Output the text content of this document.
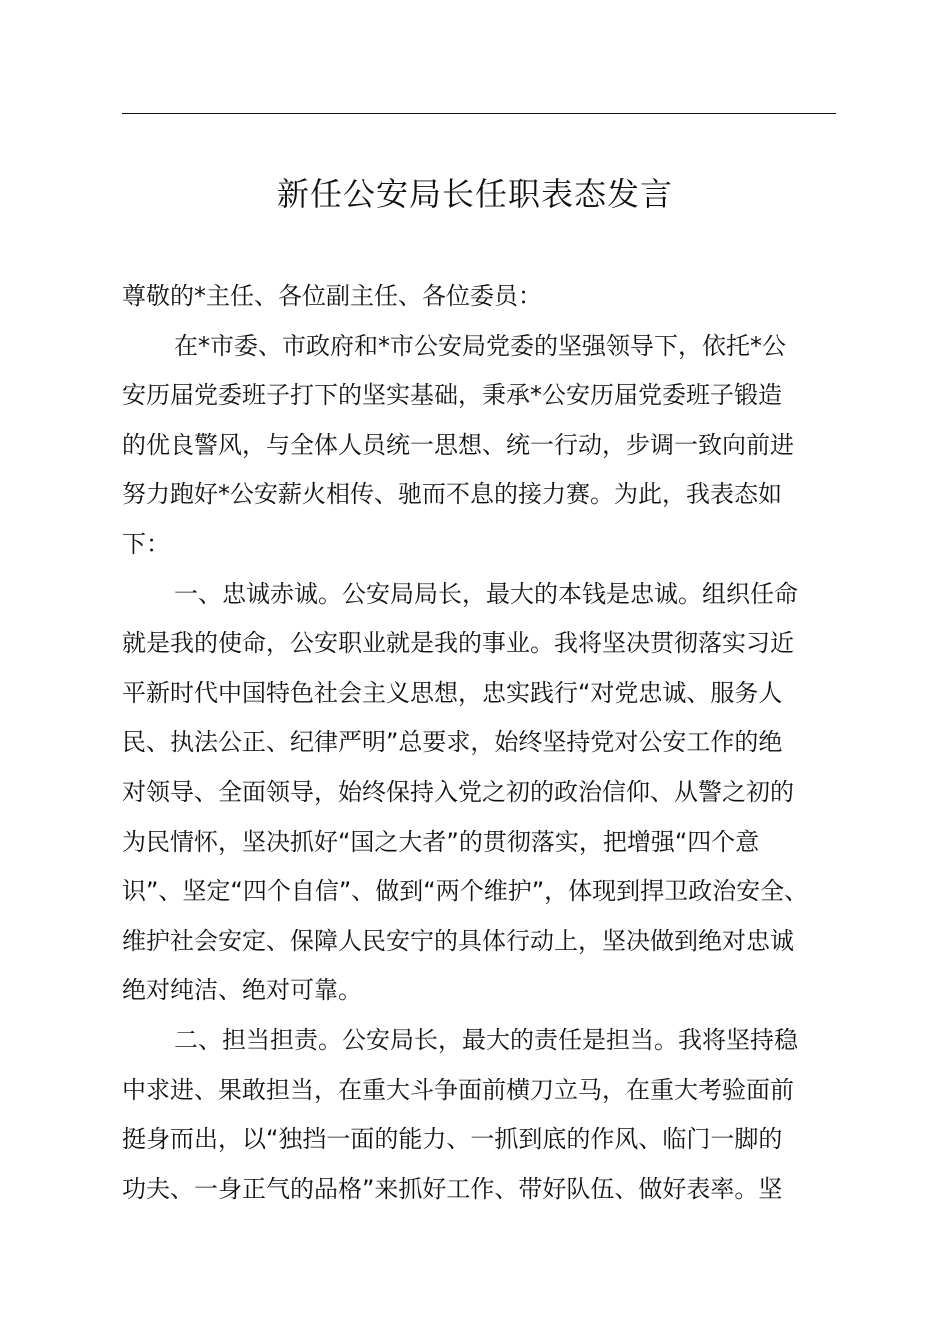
新任公安局长任职表态发言
尊敬的*主任、各位副主任、各位委员：
在*市委、市政府和*市公安局党委的坚强领导下，依托*公
安历届党委班子打下的坚实基础，秉承*公安历届党委班子锻造
的优良警风，与全体人员统一思想、统一行动，步调一致向前进
努力跑好*公安薪火相传、驰而不息的接力赛。为此，我表态如
下：
一、忠诚赤诚。公安局局长，最大的本钱是忠诚。组织任命
就是我的使命，公安职业就是我的事业。我将坚决贯彻落实习近
平新时代中国特色社会主义思想，忠实践行“对党忠诚、服务人
民、执法公正、纪律严明”总要求，始终坚持党对公安工作的绝
对领导、全面领导，始终保持入党之初的政治信仰、从警之初的
为民情怀，坚决抓好“国之大者”的贯彻落实，把增强“四个意
识”、坚定“四个自信”、做到“两个维护”，体现到捍卫政治安全、
维护社会安定、保障人民安宁的具体行动上，坚决做到绝对忠诚
绝对纯洁、绝对可靠。
二、担当担责。公安局长，最大的责任是担当。我将坚持稳
中求进、果敢担当，在重大斗争面前横刀立马，在重大考验面前
挺身而出，以“独挡一面的能力、一抓到底的作风、临门一脚的
功夫、一身正气的品格”来抓好工作、带好队伍、做好表率。坚
